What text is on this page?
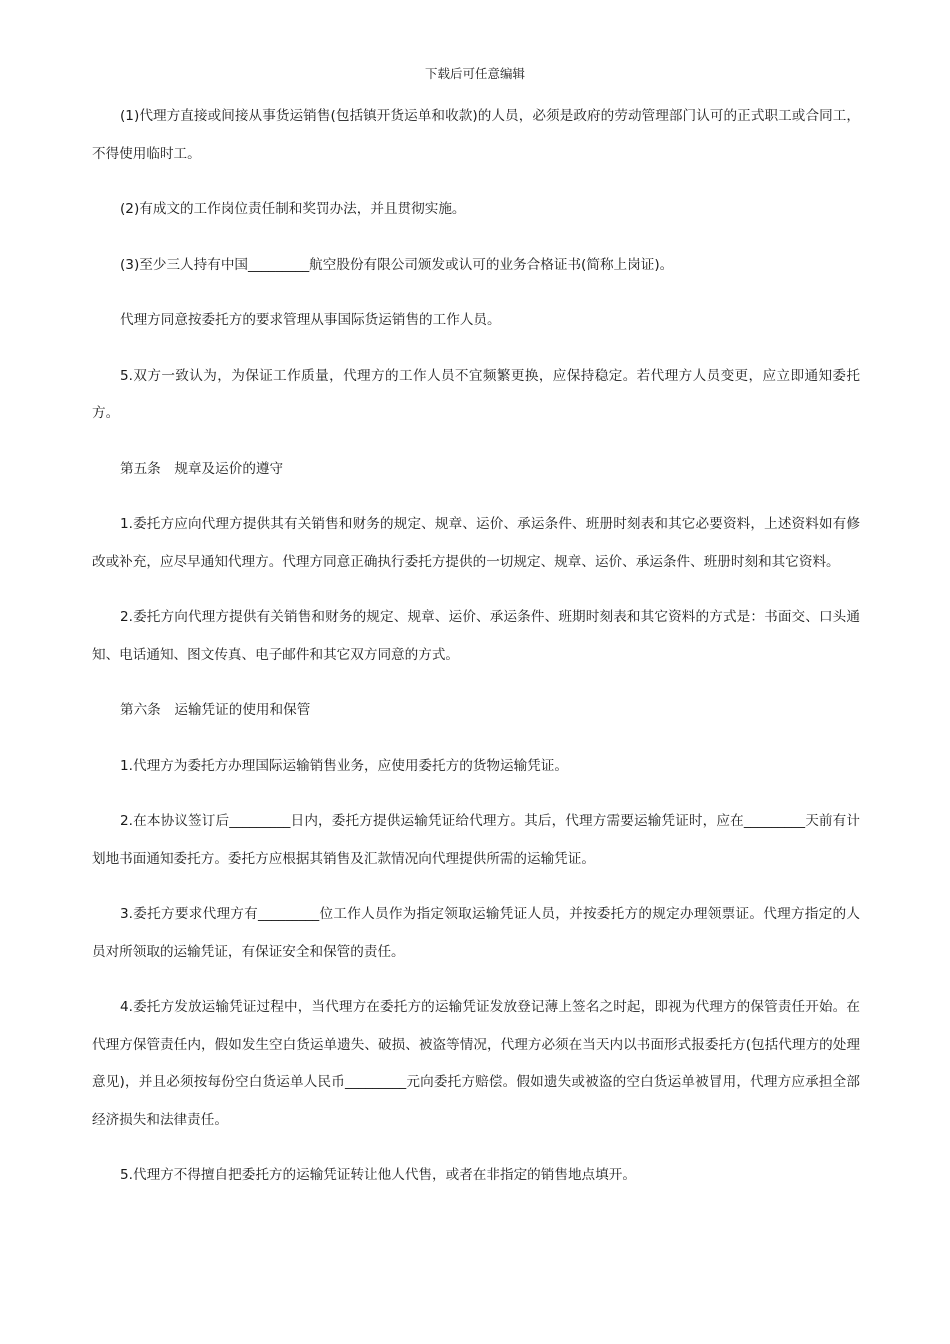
下载后可任意编辑

(1)代理方直接或间接从事货运销售(包括镇开货运单和收款)的人员，必须是政府的劳动管理部门认可的正式职工或合同工，不得使用临时工。

(2)有成文的工作岗位责任制和奖罚办法，并且贯彻实施。

(3)至少三人持有中国_________航空股份有限公司颁发或认可的业务合格证书(简称上岗证)。

代理方同意按委托方的要求管理从事国际货运销售的工作人员。

5.双方一致认为，为保证工作质量，代理方的工作人员不宜频繁更换，应保持稳定。若代理方人员变更，应立即通知委托方。

第五条　规章及运价的遵守

1.委托方应向代理方提供其有关销售和财务的规定、规章、运价、承运条件、班册时刻表和其它必要资料，上述资料如有修改或补充，应尽早通知代理方。代理方同意正确执行委托方提供的一切规定、规章、运价、承运条件、班册时刻和其它资料。

2.委托方向代理方提供有关销售和财务的规定、规章、运价、承运条件、班期时刻表和其它资料的方式是：书面交、口头通知、电话通知、图文传真、电子邮件和其它双方同意的方式。

第六条　运输凭证的使用和保管

1.代理方为委托方办理国际运输销售业务，应使用委托方的货物运输凭证。

2.在本协议签订后_________日内，委托方提供运输凭证给代理方。其后，代理方需要运输凭证时，应在_________天前有计划地书面通知委托方。委托方应根据其销售及汇款情况向代理提供所需的运输凭证。

3.委托方要求代理方有_________位工作人员作为指定领取运输凭证人员，并按委托方的规定办理领票证。代理方指定的人员对所领取的运输凭证，有保证安全和保管的责任。

4.委托方发放运输凭证过程中，当代理方在委托方的运输凭证发放登记薄上签名之时起，即视为代理方的保管责任开始。在代理方保管责任内，假如发生空白货运单遗失、破损、被盗等情况，代理方必须在当天内以书面形式报委托方(包括代理方的处理意见)，并且必须按每份空白货运单人民币_________元向委托方赔偿。假如遗失或被盗的空白货运单被冒用，代理方应承担全部经济损失和法律责任。

5.代理方不得擅自把委托方的运输凭证转让他人代售，或者在非指定的销售地点填开。
